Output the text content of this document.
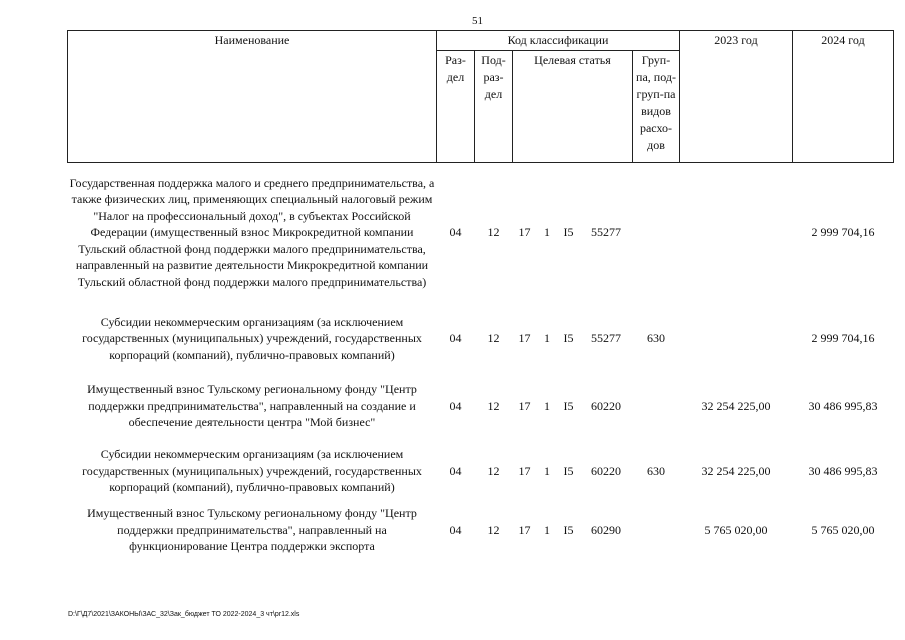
51
Наименование	Код классификации							2023 год	2024 год
	Раз-дел	Под-раз-дел	Целевая статья				Груп-па, под-груп-па видов расхо-дов		
Государственная поддержка малого и среднего предпринимательства, а также физических лиц, применяющих специальный налоговый режим "Налог на профессиональный доход", в субъектах Российской Федерации (имущественный взнос Микрокредитной компании Тульский областной фонд поддержки малого предпринимательства, направленный на развитие деятельности Микрокредитной компании Тульский областной фонд поддержки малого предпринимательства)	04	12	17	1	I5	55277			2 999 704,16
Субсидии некоммерческим организациям (за исключением государственных (муниципальных) учреждений, государственных корпораций (компаний), публично-правовых компаний)	04	12	17	1	I5	55277	630		2 999 704,16
Имущественный взнос Тульскому региональному фонду "Центр поддержки предпринимательства", направленный на создание и обеспечение деятельности центра "Мой бизнес"	04	12	17	1	I5	60220		32 254 225,00	30 486 995,83
Субсидии некоммерческим организациям (за исключением государственных (муниципальных) учреждений, государственных корпораций (компаний), публично-правовых компаний)	04	12	17	1	I5	60220	630	32 254 225,00	30 486 995,83
Имущественный взнос Тульскому региональному фонду "Центр поддержки предпринимательства", направленный на функционирование Центра поддержки экспорта	04	12	17	1	I5	60290		5 765 020,00	5 765 020,00
D:\Г\Д7\2021\ЗАКОНЫ\ЗАС_32\Зак_бюджет ТО 2022-2024_3 чт\pr12.xls
